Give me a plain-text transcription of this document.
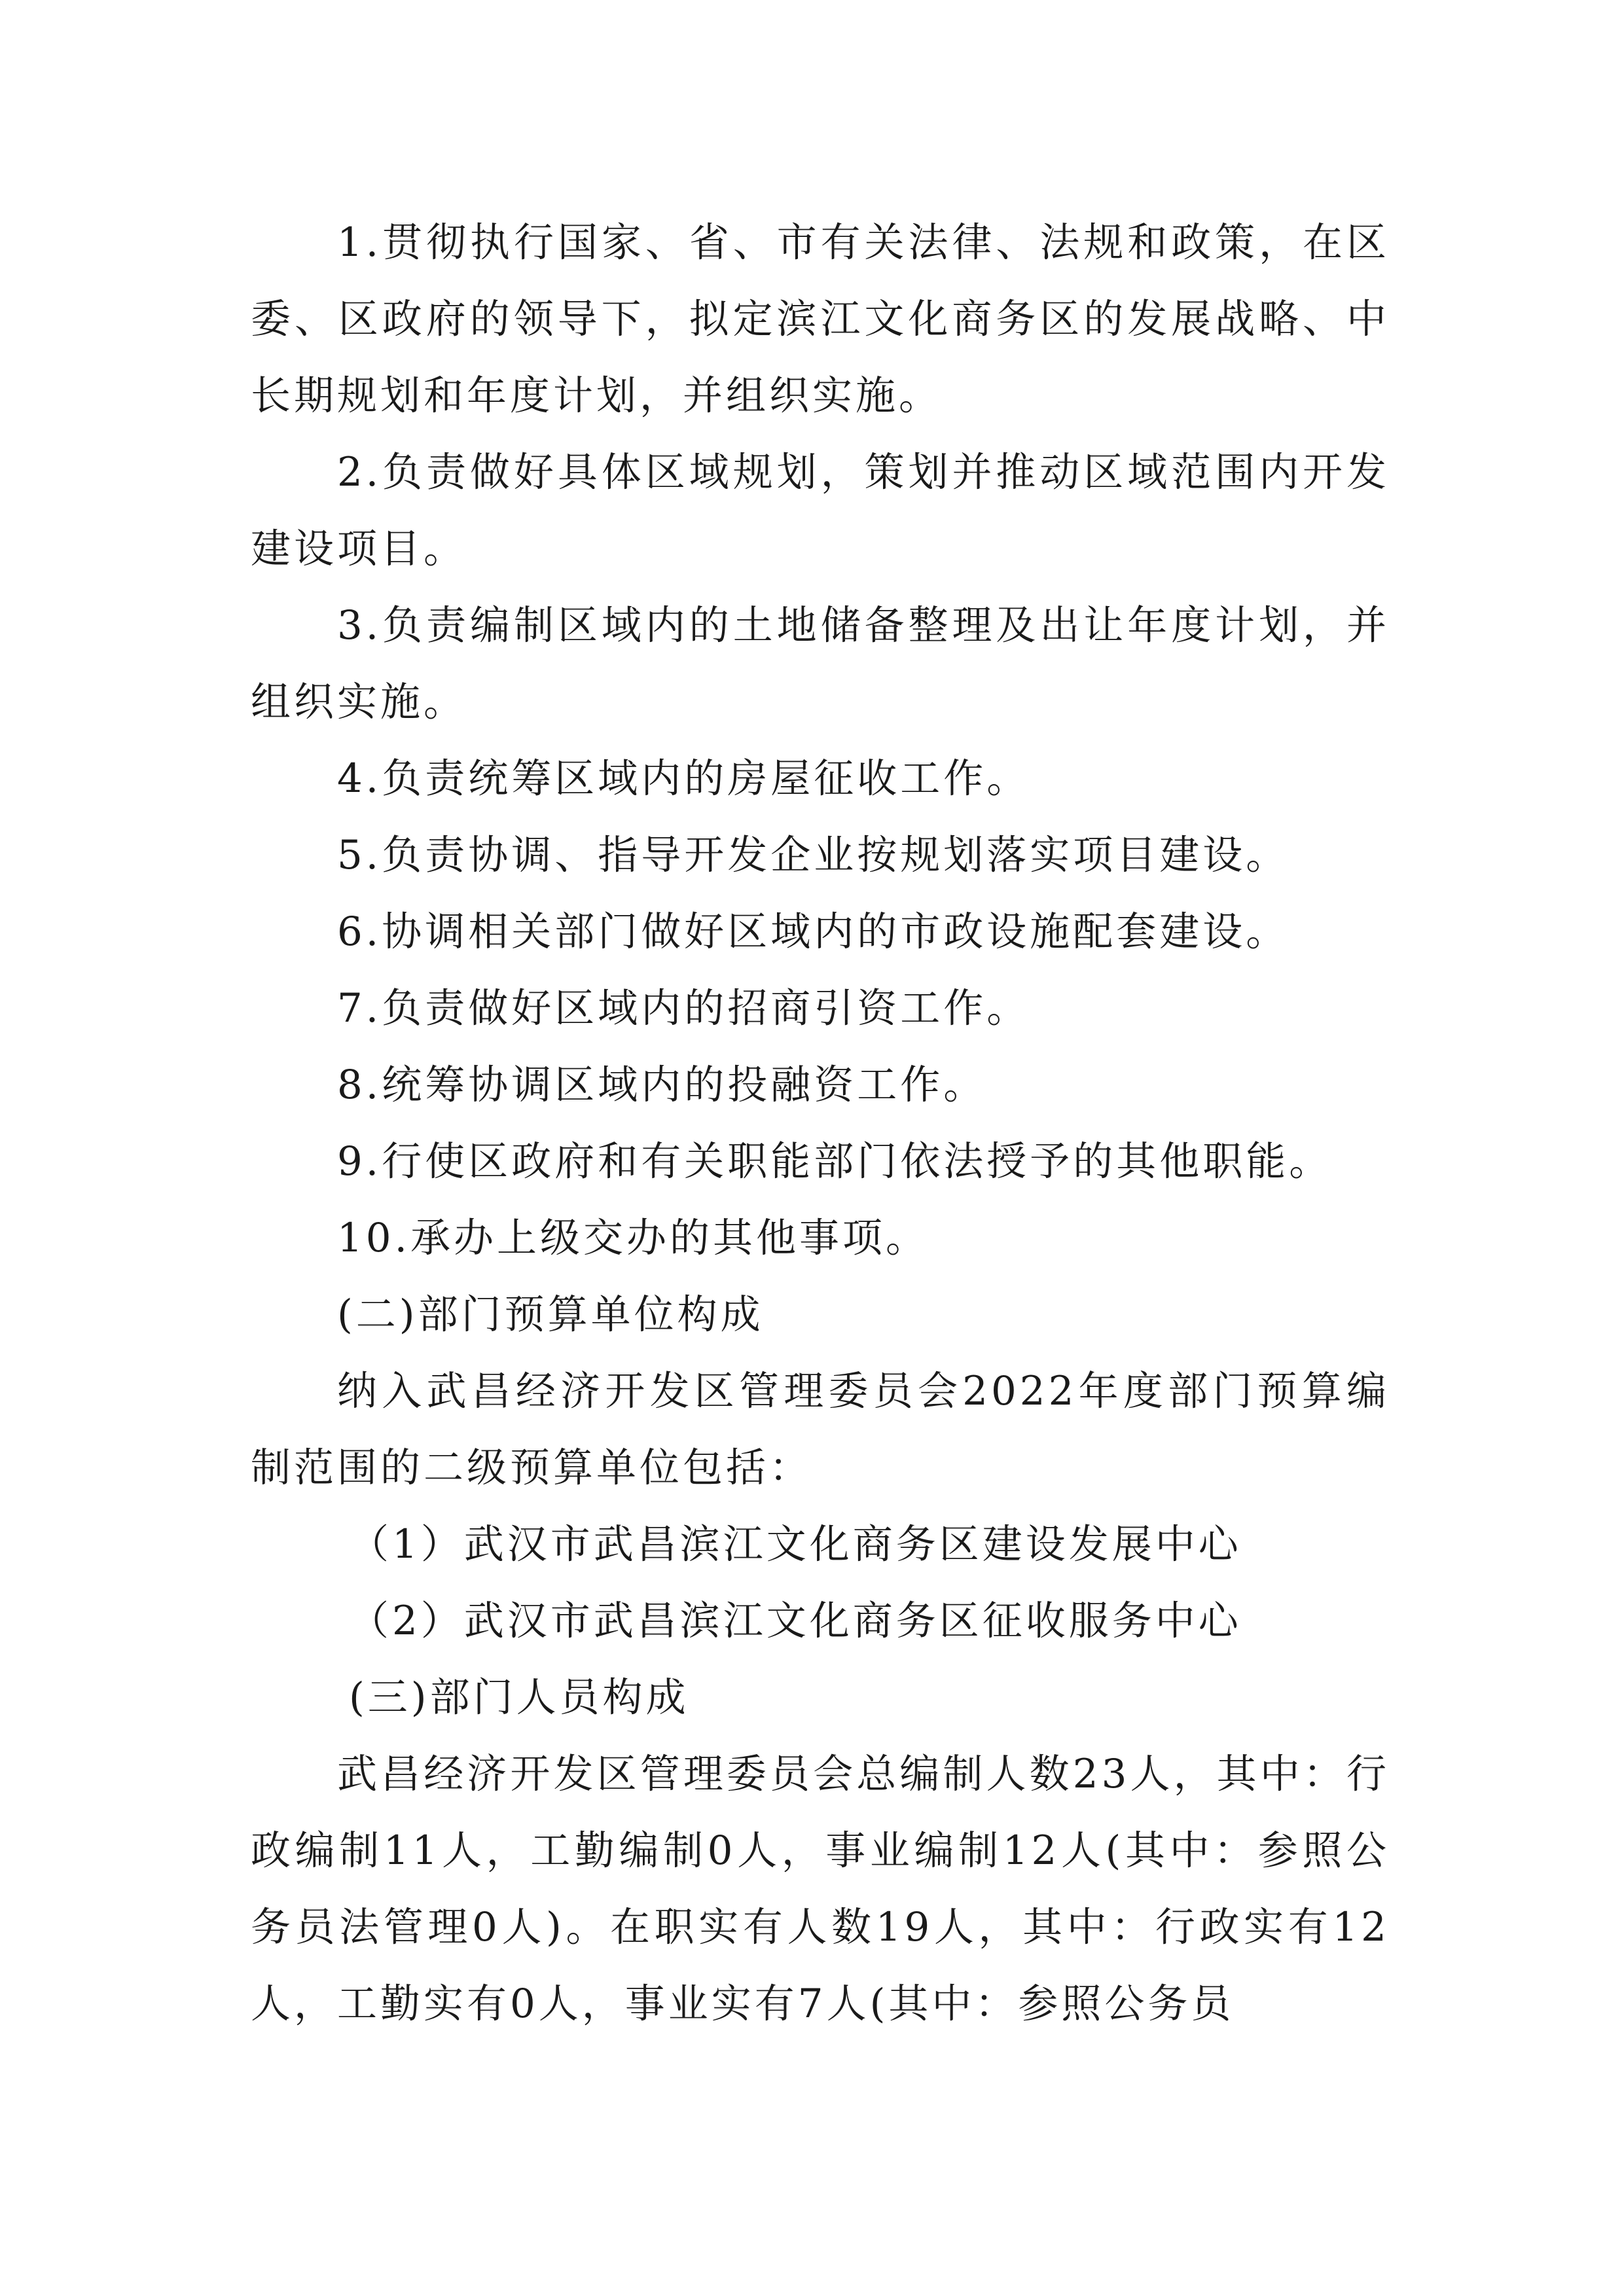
1.贯彻执行国家、省、市有关法律、法规和政策，在区委、区政府的领导下，拟定滨江文化商务区的发展战略、中长期规划和年度计划，并组织实施。

2.负责做好具体区域规划，策划并推动区域范围内开发建设项目。

3.负责编制区域内的土地储备整理及出让年度计划，并组织实施。

4.负责统筹区域内的房屋征收工作。

5.负责协调、指导开发企业按规划落实项目建设。

6.协调相关部门做好区域内的市政设施配套建设。

7.负责做好区域内的招商引资工作。

8.统筹协调区域内的投融资工作。

9.行使区政府和有关职能部门依法授予的其他职能。

10.承办上级交办的其他事项。

(二)部门预算单位构成

纳入武昌经济开发区管理委员会2022年度部门预算编制范围的二级预算单位包括：

（1）武汉市武昌滨江文化商务区建设发展中心

（2）武汉市武昌滨江文化商务区征收服务中心

(三)部门人员构成

武昌经济开发区管理委员会总编制人数23人，其中：行政编制11人，工勤编制0人，事业编制12人(其中：参照公务员法管理0人)。在职实有人数19人，其中：行政实有12人，工勤实有0人，事业实有7人(其中：参照公务员
